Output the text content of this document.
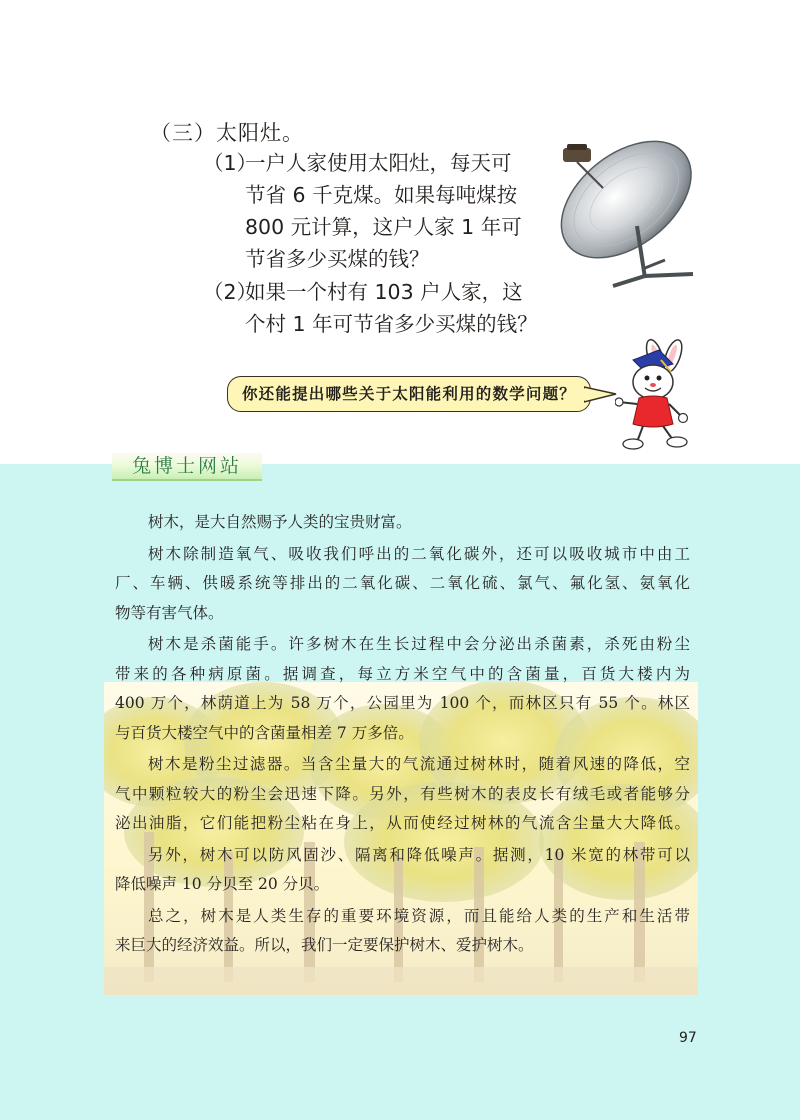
（三）太阳灶。
（1）
一户人家使用太阳灶，每天可
节省 6 千克煤。如果每吨煤按
800 元计算，这户人家 1 年可
节省多少买煤的钱？
（2）
如果一个村有 103 户人家，这
个村 1 年可节省多少买煤的钱？
你还能提出哪些关于太阳能利用的数学问题？
兔博士网站
树木，是大自然赐予人类的宝贵财富。
树木除制造氧气、吸收我们呼出的二氧化碳外，还可以吸收城市中由工
厂、车辆、供暖系统等排出的二氧化碳、二氧化硫、氯气、氟化氢、氨氧化
物等有害气体。
树木是杀菌能手。许多树木在生长过程中会分泌出杀菌素，杀死由粉尘
带来的各种病原菌。据调查，每立方米空气中的含菌量，百货大楼内为
400 万个，林荫道上为 58 万个，公园里为 100 个，而林区只有 55 个。林区
与百货大楼空气中的含菌量相差 7 万多倍。
树木是粉尘过滤器。当含尘量大的气流通过树林时，随着风速的降低，空
气中颗粒较大的粉尘会迅速下降。另外，有些树木的表皮长有绒毛或者能够分
泌出油脂，它们能把粉尘粘在身上，从而使经过树林的气流含尘量大大降低。
另外，树木可以防风固沙、隔离和降低噪声。据测，10 米宽的林带可以
降低噪声 10 分贝至 20 分贝。
总之，树木是人类生存的重要环境资源，而且能给人类的生产和生活带
来巨大的经济效益。所以，我们一定要保护树木、爱护树木。
97
